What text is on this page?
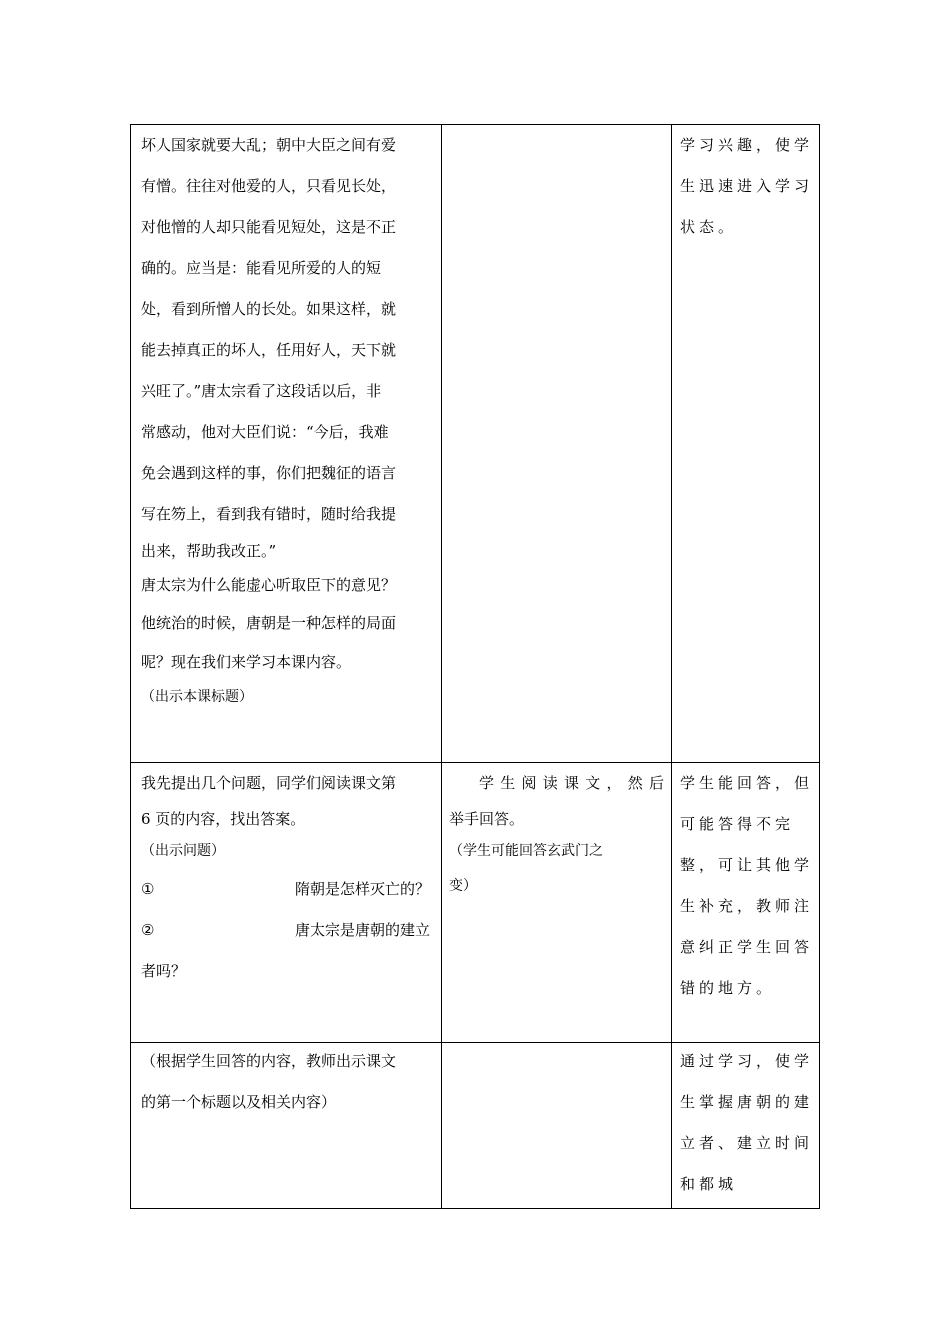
坏人国家就要大乱；朝中大臣之间有爱

有憎。往往对他爱的人，只看见长处，

对他憎的人却只能看见短处，这是不正

确的。应当是：能看见所爱的人的短

处，看到所憎人的长处。如果这样，就

能去掉真正的坏人，任用好人，天下就

兴旺了。”唐太宗看了这段话以后，非

常感动，他对大臣们说：“今后，我难

免会遇到这样的事，你们把魏征的语言

写在笏上，看到我有错时，随时给我提

出来，帮助我改正。”

唐太宗为什么能虚心听取臣下的意见？

他统治的时候，唐朝是一种怎样的局面

呢？现在我们来学习本课内容。

（出示本课标题）

学习兴趣，使学

生迅速进入学习

状态。

我先提出几个问题，同学们阅读课文第

6 页的内容，找出答案。

（出示问题）

①	隋朝是怎样灭亡的？
②	唐太宗是唐朝的建立

者吗？

学生阅读课文，然后

举手回答。

（学生可能回答玄武门之

变）

学生能回答，但

可能答得不完

整，可让其他学

生补充，教师注

意纠正学生回答

错的地方。

（根据学生回答的内容，教师出示课文

的第一个标题以及相关内容）

通过学习，使学

生掌握唐朝的建

立者、建立时间

和都城
